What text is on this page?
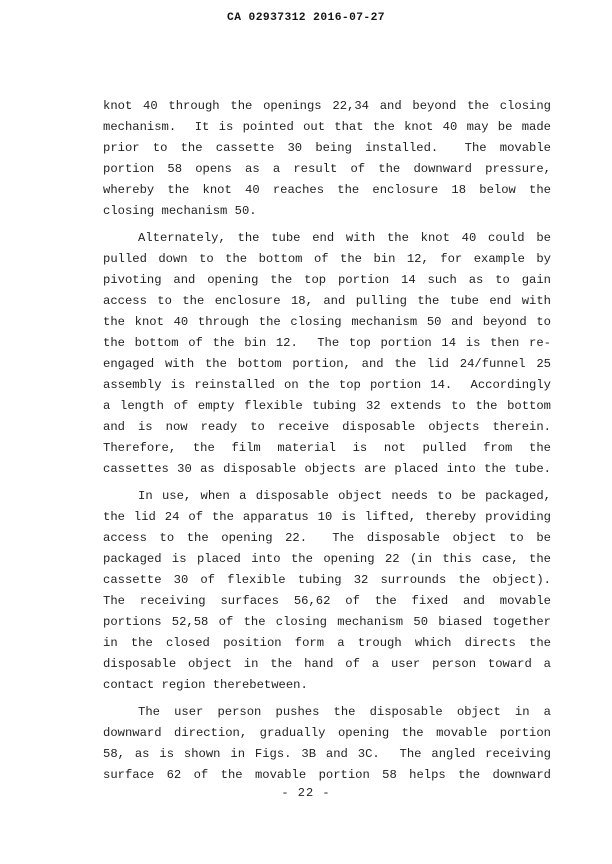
CA 02937312 2016-07-27
knot 40 through the openings 22,34 and beyond the closing
mechanism.  It is pointed out that the knot 40 may be made
prior to the cassette 30 being installed.  The movable
portion 58 opens as a result of the downward pressure,
whereby the knot 40 reaches the enclosure 18 below the
closing mechanism 50.
Alternately, the tube end with the knot 40 could be
pulled down to the bottom of the bin 12, for example by
pivoting and opening the top portion 14 such as to gain
access to the enclosure 18, and pulling the tube end with
the knot 40 through the closing mechanism 50 and beyond to
the bottom of the bin 12.  The top portion 14 is then re-
engaged with the bottom portion, and the lid 24/funnel 25
assembly is reinstalled on the top portion 14.  Accordingly
a length of empty flexible tubing 32 extends to the bottom
and is now ready to receive disposable objects therein.
Therefore, the film material is not pulled from the
cassettes 30 as disposable objects are placed into the tube.
In use, when a disposable object needs to be packaged,
the lid 24 of the apparatus 10 is lifted, thereby providing
access to the opening 22.  The disposable object to be
packaged is placed into the opening 22 (in this case, the
cassette 30 of flexible tubing 32 surrounds the object).
The receiving surfaces 56,62 of the fixed and movable
portions 52,58 of the closing mechanism 50 biased together
in the closed position form a trough which directs the
disposable object in the hand of a user person toward a
contact region therebetween.
The user person pushes the disposable object in a
downward direction, gradually opening the movable portion
58, as is shown in Figs. 3B and 3C.  The angled receiving
surface 62 of the movable portion 58 helps the downward
- 22 -
